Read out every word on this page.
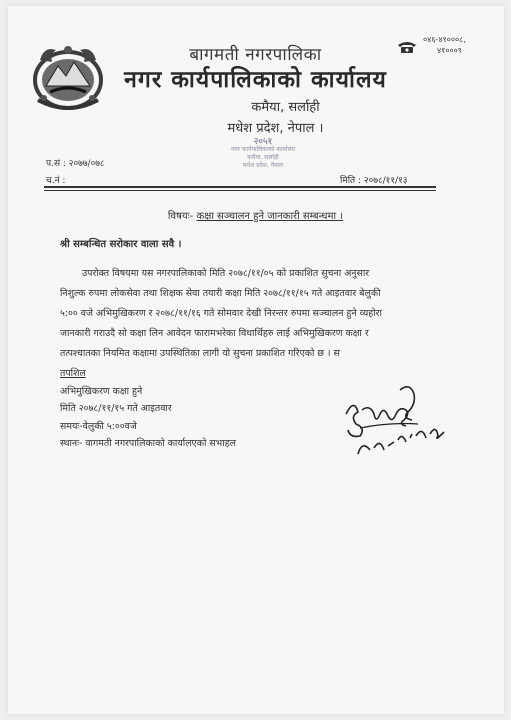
०४६-४१०००८,
४१०००९
बागमती नगरपालिका
नगर कार्यपालिकाको कार्यालय
कमैया, सर्लाही
मधेश प्रदेश, नेपाल ।
२०५१
नगर कार्यपालिकाको कार्यालय
कमैया, सर्लाही
मधेश प्रदेश, नेपाल
प.सं : २०७७/०७८
च.नं :	मिति : २०७८/११/१३
विषयः- कक्षा सञ्चालन हुने जानकारी सम्बन्धमा ।
श्री सम्बन्धित सरोकार वाला सवै ।
उपरोक्त विषयमा यस नगरपालिकाको मिति २०७८/११/०५ को प्रकाशित सुचना अनुसार
निशुल्क रुपमा लोकसेवा तथा शिक्षक सेवा तयारी कक्षा मिति २०७८/११/१५ गते आइतवार बेलुकी
५:०० वजे अभिमुखिकरण र २०७८/११/१६ गते सोमवार देखी निरन्तर रुपमा सञ्चालन हुने व्यहोरा
जानकारी गराउदै सो कक्षा लिन आवेदन फारामभरेका विधार्थिहरु लाई अभिमुखिकरण कक्षा र
तत्पश्चातका नियमित कक्षामा उपस्थितिका लागी यो सुचना प्रकाशित गरिएको छ । स
तपशिल
अभिमुखिकरण कक्षा हुने
मिति २०७८/११/१५ गते आइतवार
समयः-वेलुकी ५:००वजे
स्थानः- वागमती नगरपालिकाको कार्यालएको सभाहल
